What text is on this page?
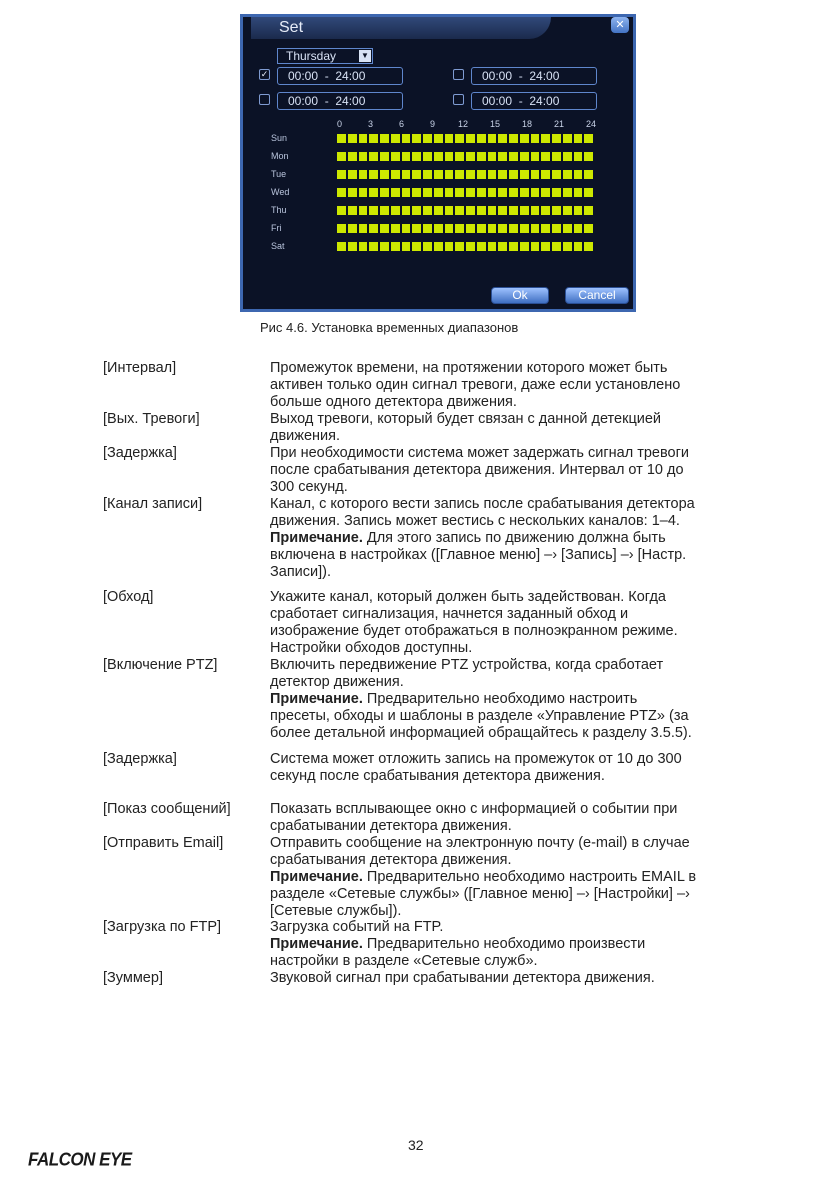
Set	✕
Thursday	▼
✓	00:00  -  24:00	00:00  -  24:00
00:00  -  24:00	00:00  -  24:00
0	3	6	9	12 15 18 21 24
Sun
Mon
Tue
Wed
Thu
Fri
Sat
Ok	Cancel
Рис 4.6. Установка временных диапазонов
[Интервал]	Промежуток времени, на протяжении которого может быть
активен только один сигнал тревоги, даже если установлено
больше одного детектора движения.
[Вых. Тревоги]	Выход тревоги, который будет связан с данной детекцией
движения.
[Задержка]	При необходимости система может задержать сигнал тревоги
после срабатывания детектора движения. Интервал от 10 до
300 секунд.
[Канал записи]	Канал, с которого вести запись после срабатывания детектора
движения. Запись может вестись с нескольких каналов: 1–4.
Примечание. Для этого запись по движению должна быть
включена в настройках ([Главное меню] –› [Запись] –› [Настр.
Записи]).
[Обход]	Укажите канал, который должен быть задействован. Когда
сработает сигнализация, начнется заданный обход и
изображение будет отображаться в полноэкранном режиме.
Настройки обходов доступны.
[Включение PTZ]	Включить передвижение PTZ устройства, когда сработает
детектор движения.
Примечание. Предварительно необходимо настроить
пресеты, обходы и шаблоны в разделе «Управление PTZ» (за
более детальной информацией обращайтесь к разделу 3.5.5).
[Задержка]	Система может отложить запись на промежуток от 10 до 300
секунд после срабатывания детектора движения.
[Показ сообщений]	Показать всплывающее окно с информацией о событии при
срабатывании детектора движения.
[Отправить Email]	Отправить сообщение на электронную почту (e-mail) в случае
срабатывания детектора движения.
Примечание. Предварительно необходимо настроить EMAIL в
разделе «Сетевые службы» ([Главное меню] –› [Настройки] –›
[Сетевые службы]).
[Загрузка по FTP]	Загрузка событий на FTP.
Примечание. Предварительно необходимо произвести
настройки в разделе «Сетевые служб».
[Зуммер]	Звуковой сигнал при срабатывании детектора движения.
32
FALCON EYE
